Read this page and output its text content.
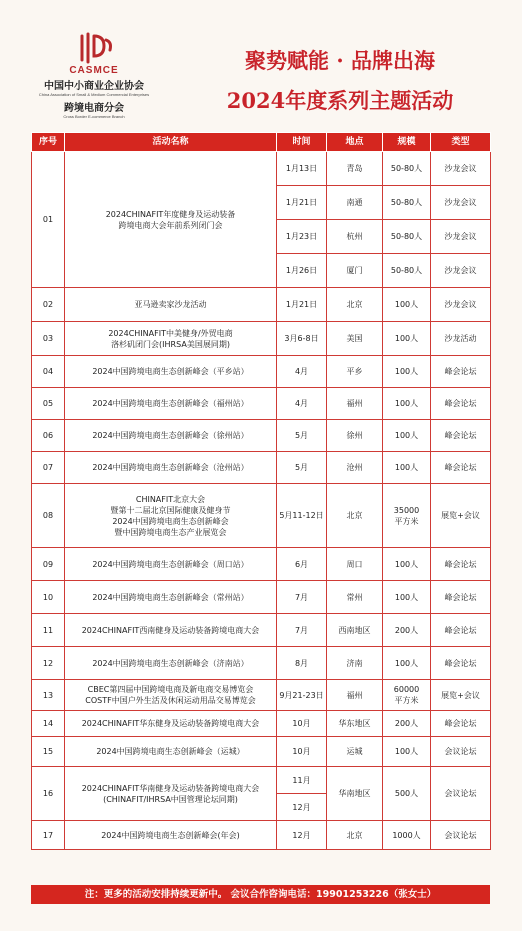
CASMCE
中国中小商业企业协会
China Association of Small & Medium Commercial Enterprises
跨境电商分会
Cross Border E-commerce Branch
聚势赋能 · 品牌出海
2024年度系列主题活动
序号	活动名称	时间	地点	规模	类型
01	2024CHINAFIT年度健身及运动装备
跨境电商大会年前系列闭门会	1月13日	青岛	50-80人	沙龙会议
		1月21日	南通	50-80人	沙龙会议
		1月23日	杭州	50-80人	沙龙会议
		1月26日	厦门	50-80人	沙龙会议
02	亚马逊卖家沙龙活动	1月21日	北京	100人	沙龙会议
03	2024CHINAFIT中美健身/外贸电商
洛杉矶闭门会(IHRSA美国展同期)	3月6-8日	美国	100人	沙龙活动
04	2024中国跨境电商生态创新峰会（平乡站）	4月	平乡	100人	峰会论坛
05	2024中国跨境电商生态创新峰会（福州站）	4月	福州	100人	峰会论坛
06	2024中国跨境电商生态创新峰会（徐州站）	5月	徐州	100人	峰会论坛
07	2024中国跨境电商生态创新峰会（沧州站）	5月	沧州	100人	峰会论坛
08	CHINAFIT北京大会
暨第十二届北京国际健康及健身节
2024中国跨境电商生态创新峰会
暨中国跨境电商生态产业展览会	5月11-12日	北京	35000
平方米	展览+会议
09	2024中国跨境电商生态创新峰会（周口站）	6月	周口	100人	峰会论坛
10	2024中国跨境电商生态创新峰会（常州站）	7月	常州	100人	峰会论坛
11	2024CHINAFIT西南健身及运动装备跨境电商大会	7月	西南地区	200人	峰会论坛
12	2024中国跨境电商生态创新峰会（济南站）	8月	济南	100人	峰会论坛
13	CBEC第四届中国跨境电商及新电商交易博览会
COSTF中国户外生活及休闲运动用品交易博览会	9月21-23日	福州	60000
平方米	展览+会议
14	2024CHINAFIT华东健身及运动装备跨境电商大会	10月	华东地区	200人	峰会论坛
15	2024中国跨境电商生态创新峰会（运城）	10月	运城	100人	会议论坛
16	2024CHINAFIT华南健身及运动装备跨境电商大会
(CHINAFIT/IHRSA中国管理论坛同期)	11月	华南地区	500人	会议论坛
		12月			
17	2024中国跨境电商生态创新峰会(年会)	12月	北京	1000人	会议论坛
注：更多的活动安排持续更新中。 会议合作咨询电话：19901253226（张女士）
